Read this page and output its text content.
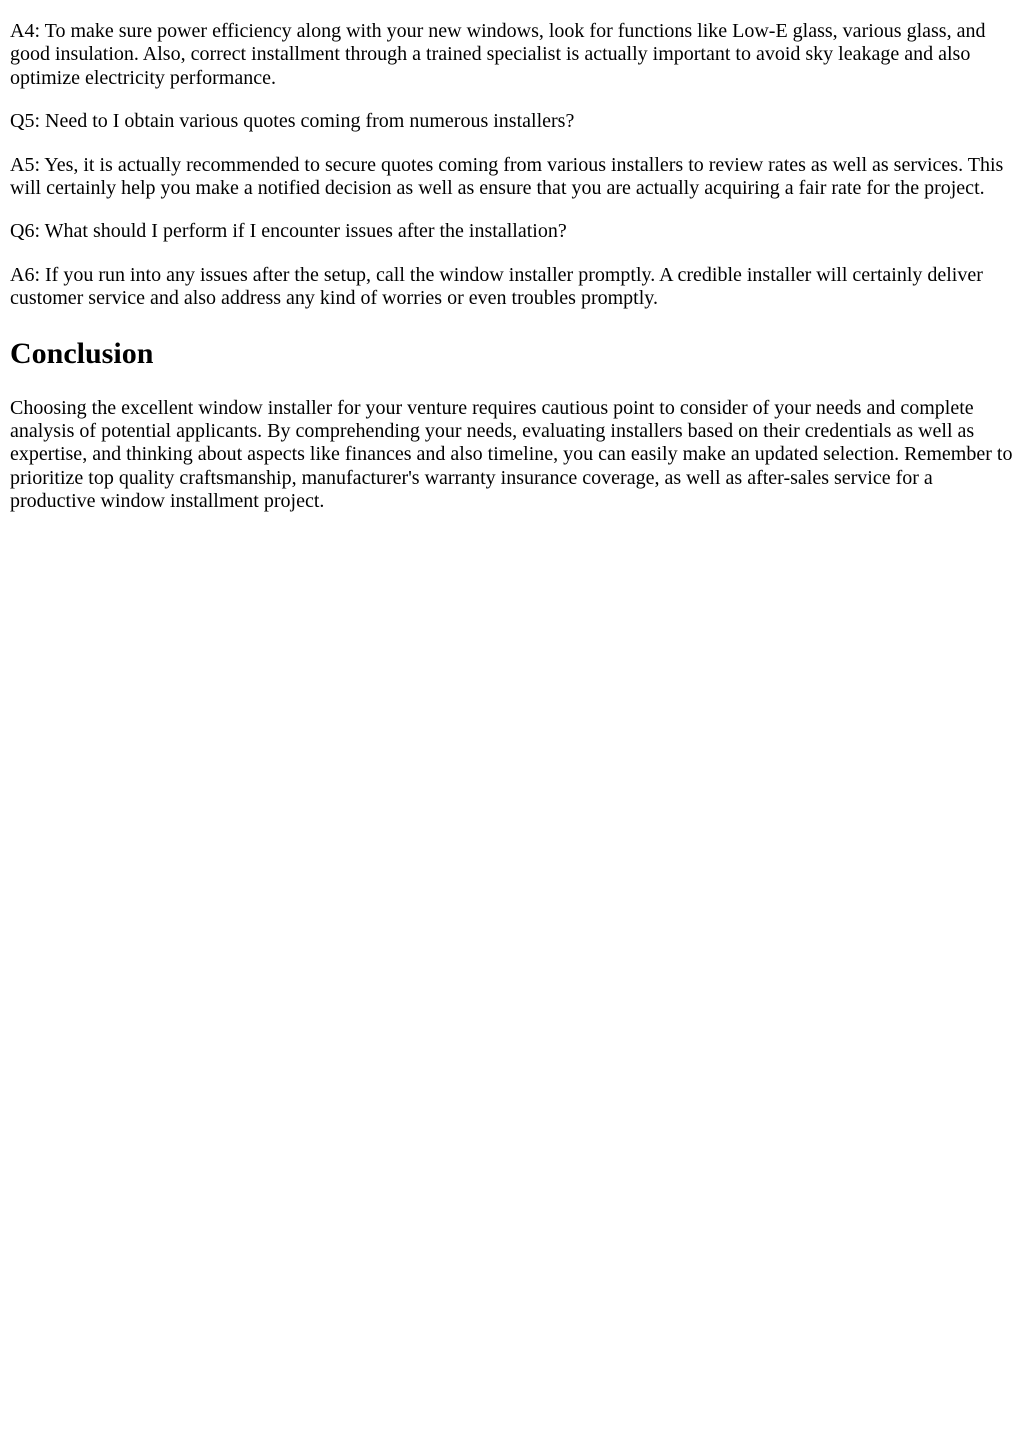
A4: To make sure power efficiency along with your new windows, look for functions like Low-E glass, various glass, and good insulation. Also, correct installment through a trained specialist is actually important to avoid sky leakage and also optimize electricity performance.

Q5: Need to I obtain various quotes coming from numerous installers?

A5: Yes, it is actually recommended to secure quotes coming from various installers to review rates as well as services. This will certainly help you make a notified decision as well as ensure that you are actually acquiring a fair rate for the project.

Q6: What should I perform if I encounter issues after the installation?

A6: If you run into any issues after the setup, call the window installer promptly. A credible installer will certainly deliver customer service and also address any kind of worries or even troubles promptly.

Conclusion

Choosing the excellent window installer for your venture requires cautious point to consider of your needs and complete analysis of potential applicants. By comprehending your needs, evaluating installers based on their credentials as well as expertise, and thinking about aspects like finances and also timeline, you can easily make an updated selection. Remember to prioritize top quality craftsmanship, manufacturer's warranty insurance coverage, as well as after-sales service for a productive window installment project.
